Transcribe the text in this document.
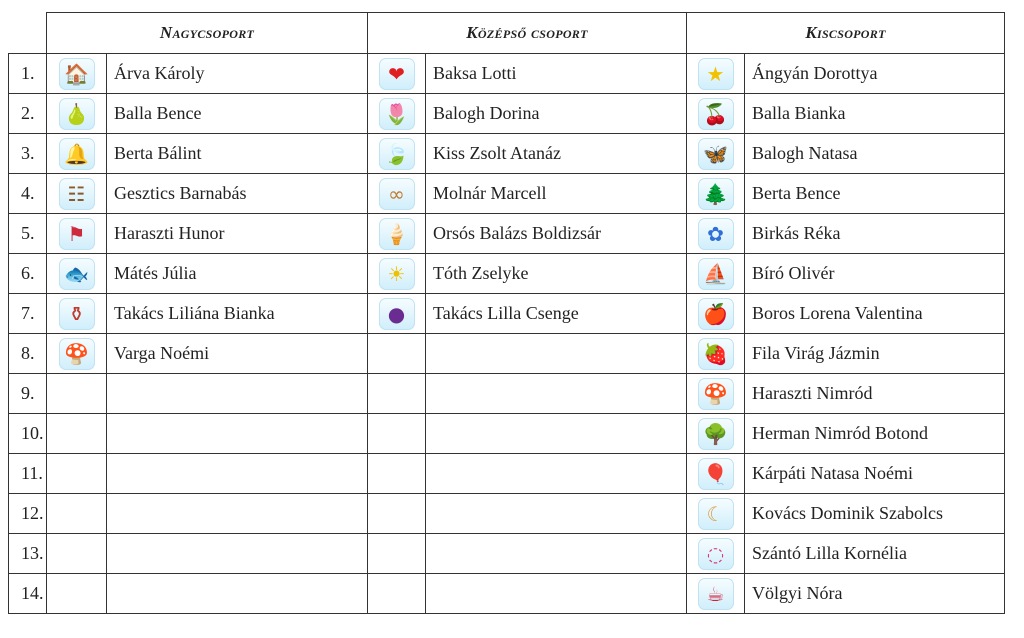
	Nagycsoport		Középső csoport		Kiscsoport	
1.	🏠	Árva Károly	❤	Baksa Lotti	★	Ángyán Dorottya
2.	🍐	Balla Bence	🌷	Balogh Dorina	🍒	Balla Bianka
3.	🔔	Berta Bálint	🍃	Kiss Zsolt Atanáz	🦋	Balogh Natasa
4.	☷	Gesztics Barnabás	∞	Molnár Marcell	🌲	Berta Bence
5.	⚑	Haraszti Hunor	🍦	Orsós Balázs Boldizsár	✿	Birkás Réka
6.	🐟	Mátés Júlia	☀	Tóth Zselyke	⛵	Bíró Olivér
7.	⚱	Takács Liliána Bianka	●	Takács Lilla Csenge	🍎	Boros Lorena Valentina
8.	🍄	Varga Noémi			🍓	Fila Virág Jázmin
9.					🍄	Haraszti Nimród
10.					🌳	Herman Nimród Botond
11.					🎈	Kárpáti Natasa Noémi
12.					☾	Kovács Dominik Szabolcs
13.					◌	Szántó Lilla Kornélia
14.					☕	Völgyi Nóra
